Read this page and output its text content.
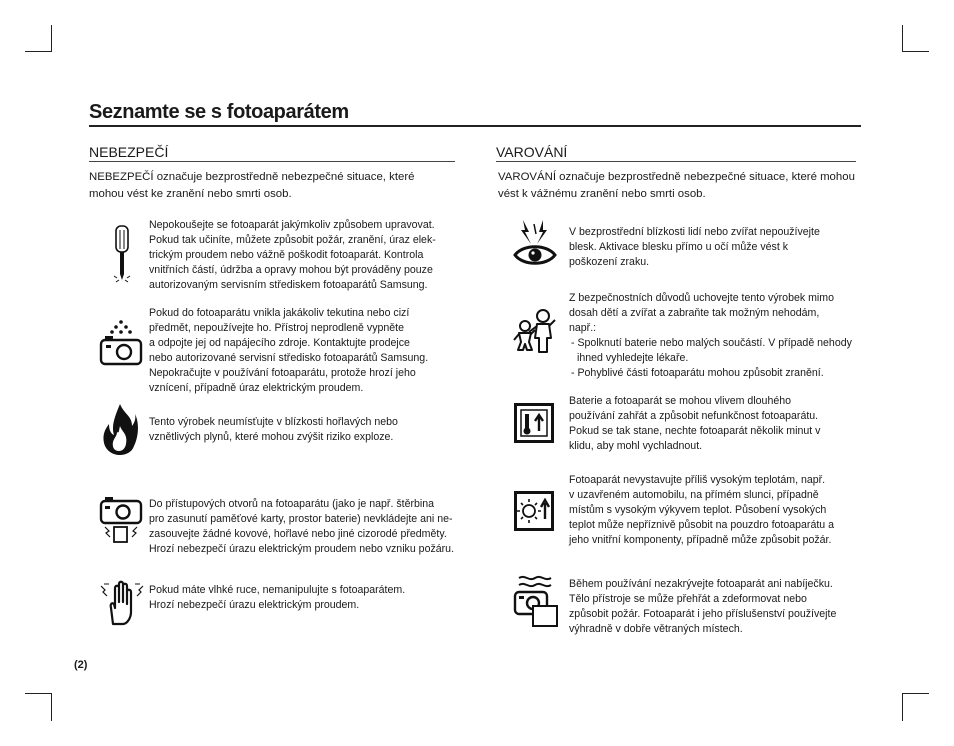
Seznamte se s fotoaparátem
NEBEZPEČÍ
NEBEZPEČÍ označuje bezprostředně nebezpečné situace, které mohou vést ke zranění nebo smrti osob.

Nepokoušejte se fotoaparát jakýmkoliv způsobem upravovat.

Pokud tak učiníte, můžete způsobit požár, zranění, úraz elek-

trickým proudem nebo vážně poškodit fotoaparát. Kontrola

vnitřních částí, údržba a opravy mohou být prováděny pouze

autorizovaným servisním střediskem fotoaparátů Samsung.

Pokud do fotoaparátu vnikla jakákoliv tekutina nebo cizí

předmět, nepoužívejte ho. Přístroj neprodleně vypněte

a odpojte jej od napájecího zdroje. Kontaktujte prodejce

nebo autorizované servisní středisko fotoaparátů Samsung.

Nepokračujte v používání fotoaparátu, protože hrozí jeho

vznícení, případně úraz elektrickým proudem.

Tento výrobek neumísťujte v blízkosti hořlavých nebo

vznětlivých plynů, které mohou zvýšit riziko exploze.

Do přístupových otvorů na fotoaparátu (jako je např. štěrbina

pro zasunutí paměťové karty, prostor baterie) nevkládejte ani ne-

zasouvejte žádné kovové, hořlavé nebo jiné cizorodé předměty.

Hrozí nebezpečí úrazu elektrickým proudem nebo vzniku požáru.

Pokud máte vlhké ruce, nemanipulujte s fotoaparátem.

Hrozí nebezpečí úrazu elektrickým proudem.

VAROVÁNÍ
VAROVÁNÍ označuje bezprostředně nebezpečné situace, které mohou vést k vážnému zranění nebo smrti osob.

V bezprostřední blízkosti lidí nebo zvířat nepoužívejte

blesk. Aktivace blesku přímo u očí může vést k

poškození zraku.

Z bezpečnostních důvodů uchovejte tento výrobek mimo

dosah dětí a zvířat a zabraňte tak možným nehodám,

např.:

- Spolknutí baterie nebo malých součástí. V případě nehody ihned vyhledejte lékaře.

- Pohyblivé části fotoaparátu mohou způsobit zranění.

Baterie a fotoaparát se mohou vlivem dlouhého

používání zahřát a způsobit nefunkčnost fotoaparátu.

Pokud se tak stane, nechte fotoaparát několik minut v

klidu, aby mohl vychladnout.

Fotoaparát nevystavujte příliš vysokým teplotám, např.

v uzavřeném automobilu, na přímém slunci, případně

místům s vysokým výkyvem teplot. Působení vysokých

teplot může nepříznivě působit na pouzdro fotoaparátu a

jeho vnitřní komponenty, případně může způsobit požár.

Během používání nezakrývejte fotoaparát ani nabíječku.

Tělo přístroje se může přehřát a zdeformovat nebo

způsobit požár. Fotoaparát i jeho příslušenství používejte

výhradně v dobře větraných místech.

(2)
